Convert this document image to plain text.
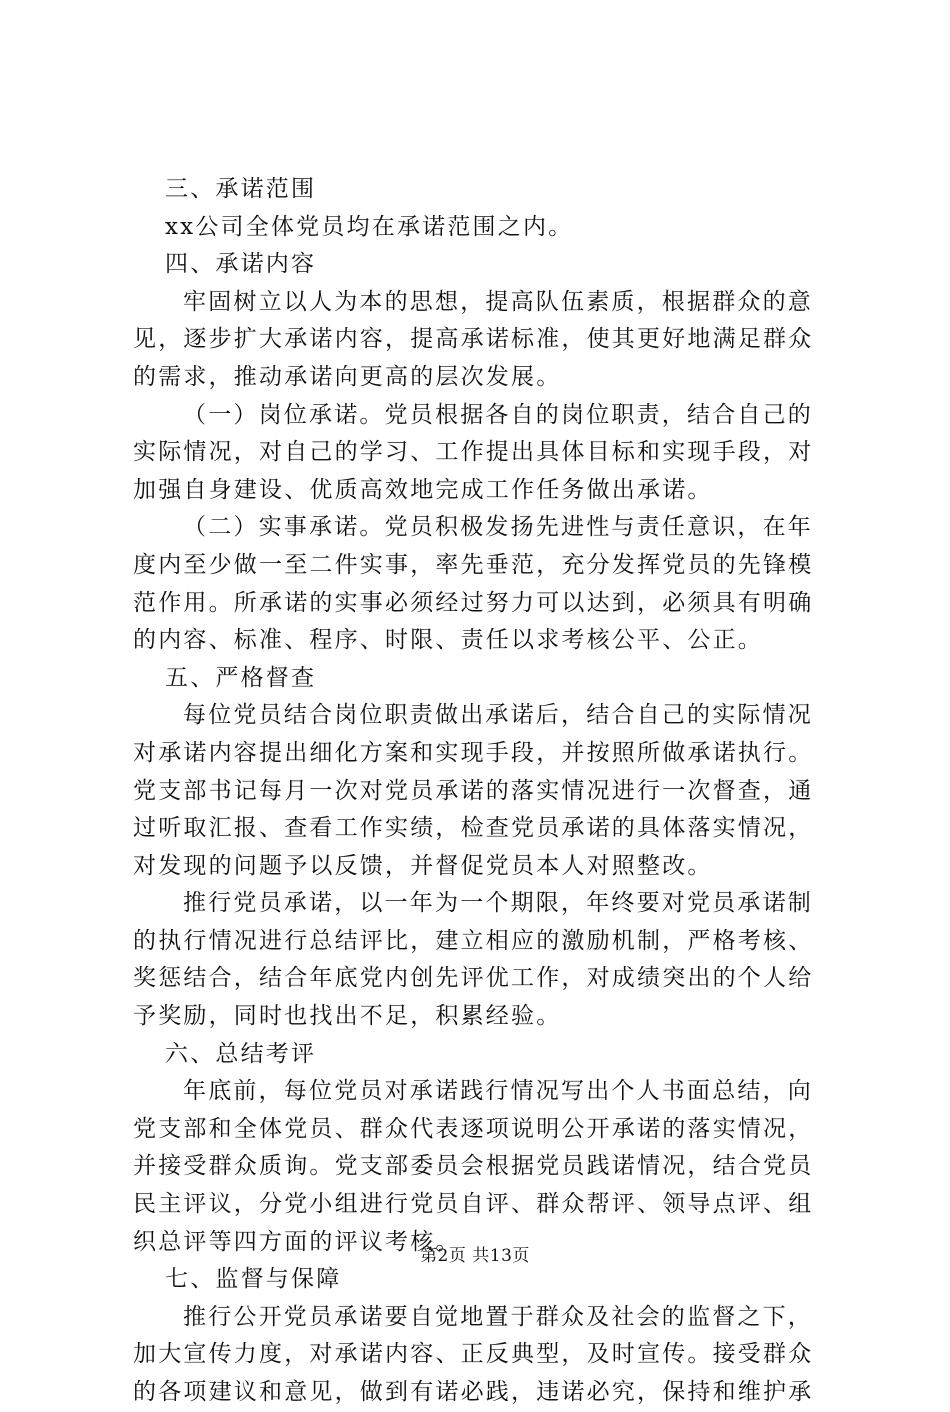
三、承诺范围
xx公司全体党员均在承诺范围之内。
四、承诺内容
牢固树立以人为本的思想，提高队伍素质，根据群众的意
见，逐步扩大承诺内容，提高承诺标准，使其更好地满足群众
的需求，推动承诺向更高的层次发展。
（一）岗位承诺。党员根据各自的岗位职责，结合自己的
实际情况，对自己的学习、工作提出具体目标和实现手段，对
加强自身建设、优质高效地完成工作任务做出承诺。
（二）实事承诺。党员积极发扬先进性与责任意识，在年
度内至少做一至二件实事，率先垂范，充分发挥党员的先锋模
范作用。所承诺的实事必须经过努力可以达到，必须具有明确
的内容、标准、程序、时限、责任以求考核公平、公正。
五、严格督查
每位党员结合岗位职责做出承诺后，结合自己的实际情况
对承诺内容提出细化方案和实现手段，并按照所做承诺执行。
党支部书记每月一次对党员承诺的落实情况进行一次督查，通
过听取汇报、查看工作实绩，检查党员承诺的具体落实情况，
对发现的问题予以反馈，并督促党员本人对照整改。
推行党员承诺，以一年为一个期限，年终要对党员承诺制
的执行情况进行总结评比，建立相应的激励机制，严格考核、
奖惩结合，结合年底党内创先评优工作，对成绩突出的个人给
予奖励，同时也找出不足，积累经验。
六、总结考评
年底前，每位党员对承诺践行情况写出个人书面总结，向
党支部和全体党员、群众代表逐项说明公开承诺的落实情况，
并接受群众质询。党支部委员会根据党员践诺情况，结合党员
民主评议，分党小组进行党员自评、群众帮评、领导点评、组
织总评等四方面的评议考核。
七、监督与保障
推行公开党员承诺要自觉地置于群众及社会的监督之下，
加大宣传力度，对承诺内容、正反典型，及时宣传。接受群众
的各项建议和意见，做到有诺必践，违诺必究，保持和维护承
第2页 共13页
